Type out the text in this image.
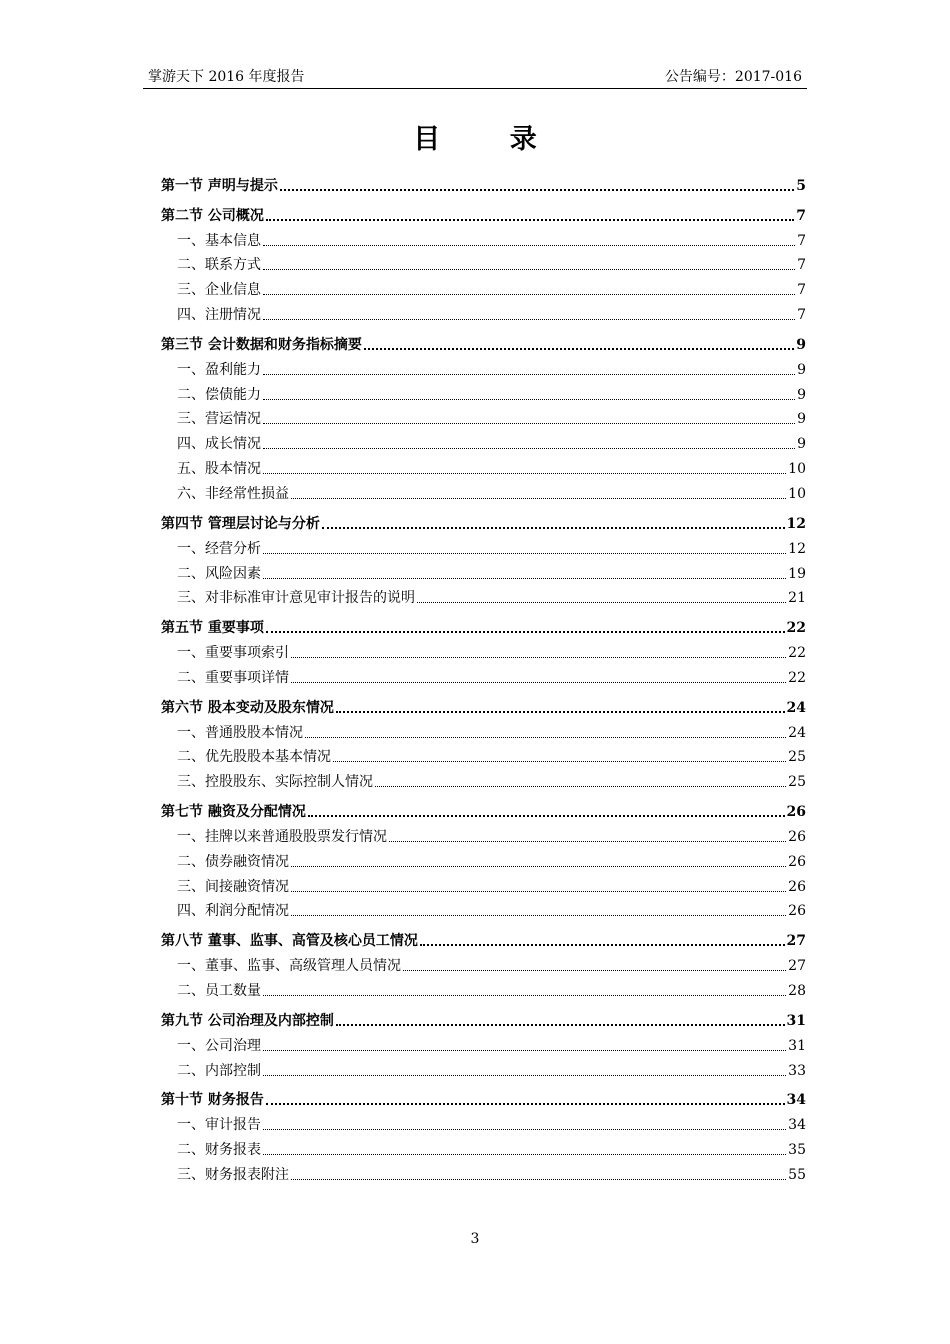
掌游天下 2016 年度报告	公告编号：2017-016
目 录
第一节 声明与提示	5
第二节 公司概况	7
一、基本信息	7
二、联系方式	7
三、企业信息	7
四、注册情况	7
第三节 会计数据和财务指标摘要	9
一、盈利能力	9
二、偿债能力	9
三、营运情况	9
四、成长情况	9
五、股本情况	10
六、非经常性损益	10
第四节 管理层讨论与分析	12
一、经营分析	12
二、风险因素	19
三、对非标准审计意见审计报告的说明	21
第五节 重要事项	22
一、重要事项索引	22
二、重要事项详情	22
第六节 股本变动及股东情况	24
一、普通股股本情况	24
二、优先股股本基本情况	25
三、控股股东、实际控制人情况	25
第七节 融资及分配情况	26
一、挂牌以来普通股股票发行情况	26
二、债券融资情况	26
三、间接融资情况	26
四、利润分配情况	26
第八节 董事、监事、高管及核心员工情况	27
一、董事、监事、高级管理人员情况	27
二、员工数量	28
第九节 公司治理及内部控制	31
一、公司治理	31
二、内部控制	33
第十节 财务报告	34
一、审计报告	34
二、财务报表	35
三、财务报表附注	55
3
